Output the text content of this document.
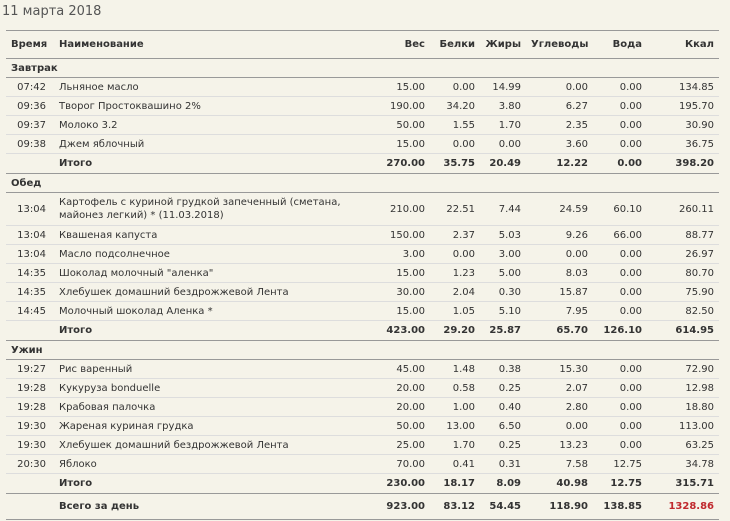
11 марта 2018
Время	Наименование	Вес	Белки	Жиры	Углеводы	Вода	Ккал
Завтрак							
07:42	Льняное масло	15.00	0.00	14.99	0.00	0.00	134.85
09:36	Творог Простоквашино 2%	190.00	34.20	3.80	6.27	0.00	195.70
09:37	Молоко 3.2	50.00	1.55	1.70	2.35	0.00	30.90
09:38	Джем яблочный	15.00	0.00	0.00	3.60	0.00	36.75
	Итого	270.00	35.75	20.49	12.22	0.00	398.20
Обед							
13:04	Картофель с куриной грудкой запеченный (сметана, майонез легкий) * (11.03.2018)	210.00	22.51	7.44	24.59	60.10	260.11
13:04	Квашеная капуста	150.00	2.37	5.03	9.26	66.00	88.77
13:04	Масло подсолнечное	3.00	0.00	3.00	0.00	0.00	26.97
14:35	Шоколад молочный "аленка"	15.00	1.23	5.00	8.03	0.00	80.70
14:35	Хлебушек домашний бездрожжевой Лента	30.00	2.04	0.30	15.87	0.00	75.90
14:45	Молочный шоколад Аленка *	15.00	1.05	5.10	7.95	0.00	82.50
	Итого	423.00	29.20	25.87	65.70	126.10	614.95
Ужин							
19:27	Рис варенный	45.00	1.48	0.38	15.30	0.00	72.90
19:28	Кукуруза bonduelle	20.00	0.58	0.25	2.07	0.00	12.98
19:28	Крабовая палочка	20.00	1.00	0.40	2.80	0.00	18.80
19:30	Жареная куриная грудка	50.00	13.00	6.50	0.00	0.00	113.00
19:30	Хлебушек домашний бездрожжевой Лента	25.00	1.70	0.25	13.23	0.00	63.25
20:30	Яблоко	70.00	0.41	0.31	7.58	12.75	34.78
	Итого	230.00	18.17	8.09	40.98	12.75	315.71
	Всего за день	923.00	83.12	54.45	118.90	138.85	1328.86
